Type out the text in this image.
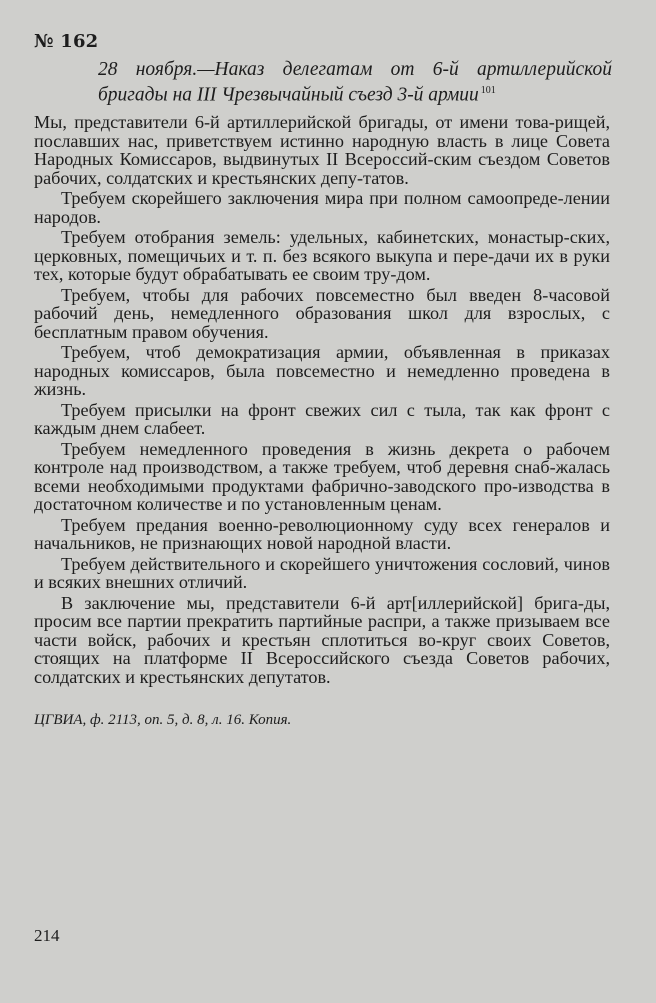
№ 162

28 ноября.—Наказ делегатам от 6-й артиллерийской бригады на III Чрезвычайный съезд 3-й армии $^{101}$

Мы, представители 6-й артиллерийской бригады, от имени това-рищей, пославших нас, приветствуем истинно народную власть в лице Совета Народных Комиссаров, выдвинутых II Всероссий-ским съездом Советов рабочих, солдатских и крестьянских депу-татов.

Требуем скорейшего заключения мира при полном самоопреде-лении народов.

Требуем отобрания земель: удельных, кабинетских, монастыр-ских, церковных, помещичьих и т. п. без всякого выкупа и пере-дачи их в руки тех, которые будут обрабатывать ее своим тру-дом.

Требуем, чтобы для рабочих повсеместно был введен 8-часовой рабочий день, немедленного образования школ для взрослых, с бесплатным правом обучения.

Требуем, чтоб демократизация армии, объявленная в приказах народных комиссаров, была повсеместно и немедленно проведена в жизнь.

Требуем присылки на фронт свежих сил с тыла, так как фронт с каждым днем слабеет.

Требуем немедленного проведения в жизнь декрета о рабочем контроле над производством, а также требуем, чтоб деревня снаб-жалась всеми необходимыми продуктами фабрично-заводского про-изводства в достаточном количестве и по установленным ценам.

Требуем предания военно-революционному суду всех генералов и начальников, не признающих новой народной власти.

Требуем действительного и скорейшего уничтожения сословий, чинов и всяких внешних отличий.

В заключение мы, представители 6-й арт[иллерийской] брига-ды, просим все партии прекратить партийные распри, а также призываем все части войск, рабочих и крестьян сплотиться во-круг своих Советов, стоящих на платформе II Всероссийского съезда Советов рабочих, солдатских и крестьянских депутатов.

ЦГВИА, ф. 2113, оп. 5, д. 8, л. 16. Копия.

214
